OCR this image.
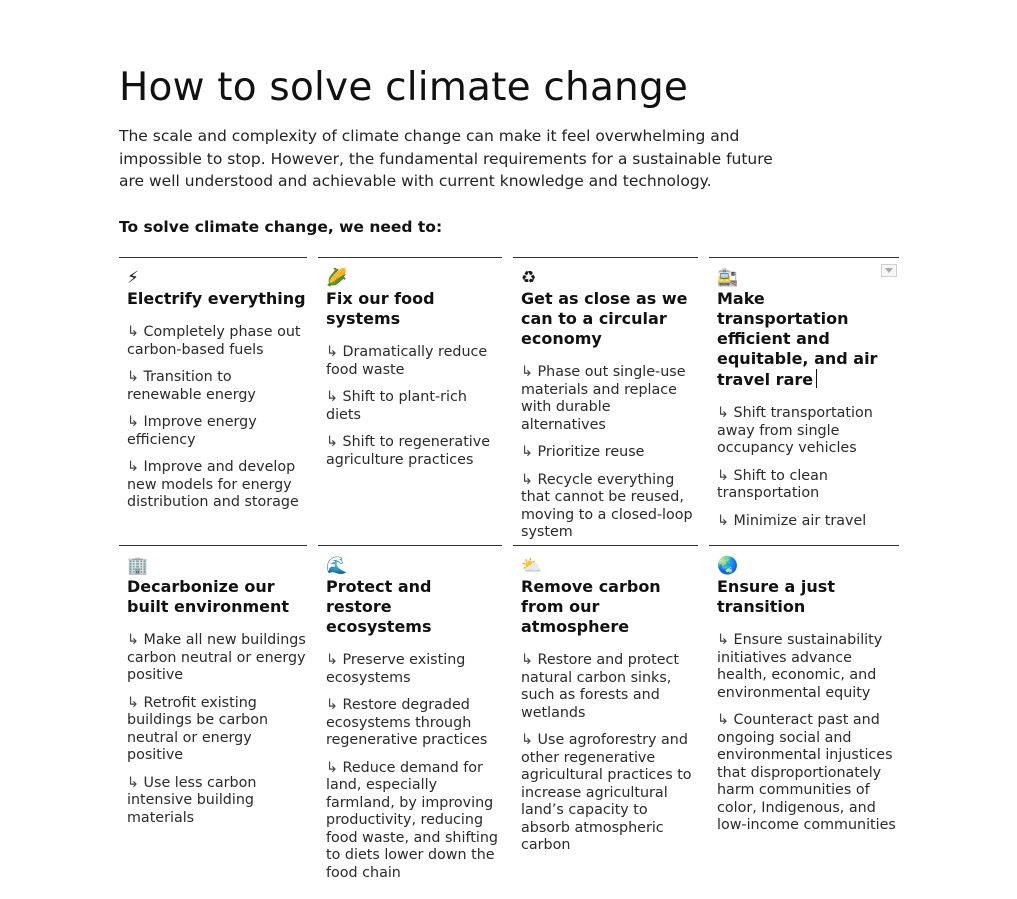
How to solve climate change

The scale and complexity of climate change can make it feel overwhelming and impossible to stop. However, the fundamental requirements for a sustainable future are well understood and achievable with current knowledge and technology.

To solve climate change, we need to:

⚡
Electrify everything
↳ Completely phase out carbon-based fuels
↳ Transition to renewable energy
↳ Improve energy efficiency
↳ Improve and develop new models for energy distribution and storage
🌽
Fix our food systems
↳ Dramatically reduce food waste
↳ Shift to plant-rich diets
↳ Shift to regenerative agriculture practices
♻
Get as close as we can to a circular economy
↳ Phase out single-use materials and replace with durable alternatives
↳ Prioritize reuse
↳ Recycle everything that cannot be reused, moving to a closed-loop system
🚉
Make transportation efficient and equitable, and air travel rare
↳ Shift transportation away from single occupancy vehicles
↳ Shift to clean transportation
↳ Minimize air travel
🏢
Decarbonize our built environment
↳ Make all new buildings carbon neutral or energy positive
↳ Retrofit existing buildings be carbon neutral or energy positive
↳ Use less carbon intensive building materials
🌊
Protect and restore ecosystems
↳ Preserve existing ecosystems
↳ Restore degraded ecosystems through regenerative practices
↳ Reduce demand for land, especially farmland, by improving productivity, reducing food waste, and shifting to diets lower down the food chain
⛅
Remove carbon from our atmosphere
↳ Restore and protect natural carbon sinks, such as forests and wetlands
↳ Use agroforestry and other regenerative agricultural practices to increase agricultural land’s capacity to absorb atmospheric carbon
🌏
Ensure a just transition
↳ Ensure sustainability initiatives advance health, economic, and environmental equity
↳ Counteract past and ongoing social and environmental injustices that disproportionately harm communities of color, Indigenous, and low-income communities
